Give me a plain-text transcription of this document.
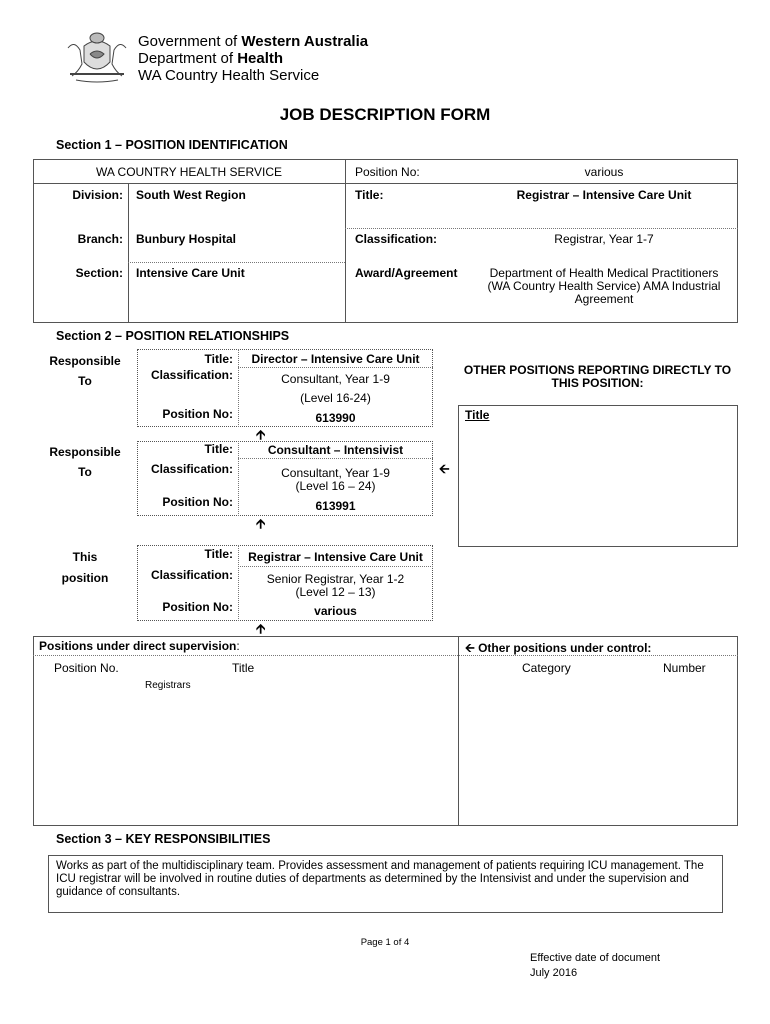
Government of Western Australia
Department of Health
WA Country Health Service
JOB DESCRIPTION FORM
Section 1 – POSITION IDENTIFICATION
WA COUNTRY HEALTH SERVICE	Position No:	various
Division: South West Region	Title:	Registrar – Intensive Care Unit
Branch: Bunbury Hospital	Classification:	Registrar, Year 1-7
Section: Intensive Care Unit	Award/Agreement	Department of Health Medical Practitioners
(WA Country Health Service) AMA Industrial
Agreement
Section 2 – POSITION RELATIONSHIPS
Responsible
To
Responsible
To
This
position
Title:	Director – Intensive Care Unit
Classification:	Consultant, Year 1-9
(Level 16-24)
Position No:	613990
🡩
Title:	Consultant – Intensivist
Classification:	Consultant, Year 1-9
(Level 16 – 24)
Position No:	613991
🡨
🡩
Title:	Registrar – Intensive Care Unit
Classification:	Senior Registrar, Year 1-2
(Level 12 – 13)
Position No:	various
🡩
OTHER POSITIONS REPORTING DIRECTLY TO
THIS POSITION:
Title
Positions under direct supervision:
Position No.	Title
Registrars
🡨 Other positions under control:
Category	Number
Section 3 – KEY RESPONSIBILITIES
Works as part of the multidisciplinary team. Provides assessment and management of patients requiring ICU management. The
ICU registrar will be involved in routine duties of departments as determined by the Intensivist and under the supervision and
guidance of consultants.
Page 1 of 4
Effective date of document
July 2016
